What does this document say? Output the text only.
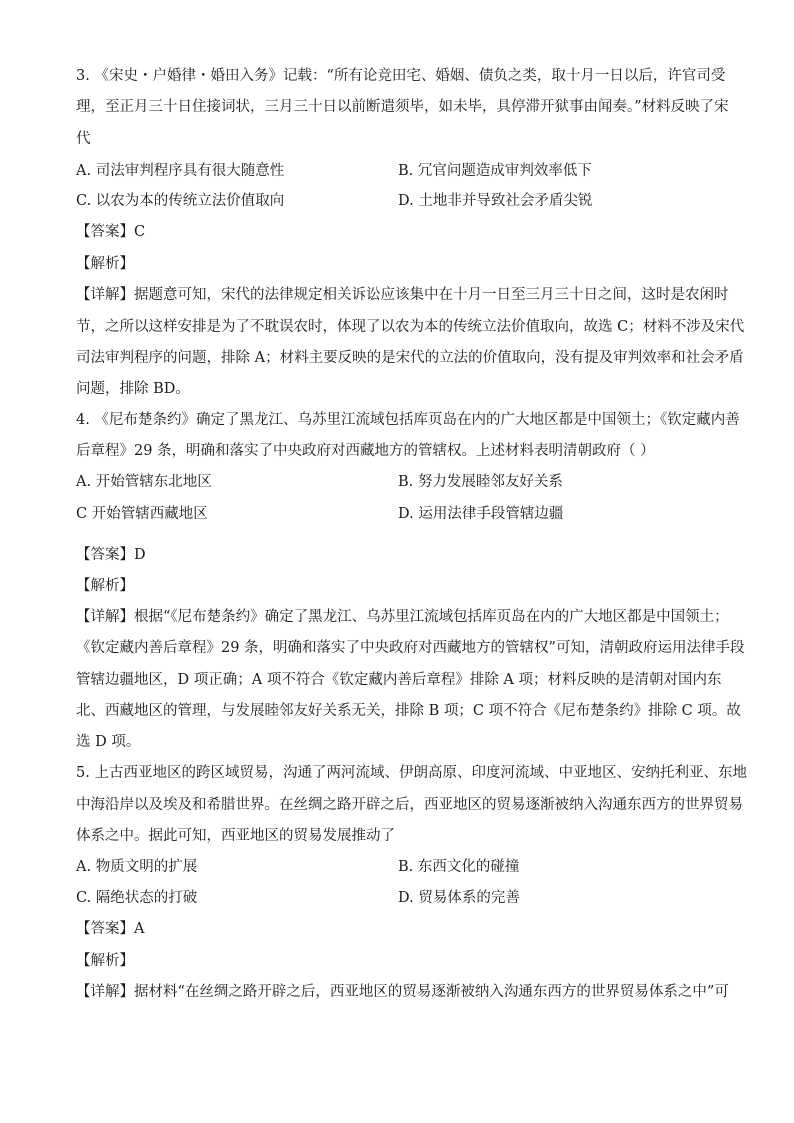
3. 《宋史・户婚律・婚田入务》记载：“所有论竞田宅、婚姻、债负之类，取十月一日以后，许官司受
理，至正月三十日住接词状，三月三十日以前断遣须毕，如未毕，具停滞开狱事由闻奏。”材料反映了宋
代
A. 司法审判程序具有很大随意性	B. 冗官问题造成审判效率低下
C. 以农为本的传统立法价值取向	D. 土地非并导致社会矛盾尖锐
【答案】C
【解析】
【详解】据题意可知，宋代的法律规定相关诉讼应该集中在十月一日至三月三十日之间，这时是农闲时
节，之所以这样安排是为了不耽误农时，体现了以农为本的传统立法价值取向，故选 C；材料不涉及宋代
司法审判程序的问题，排除 A；材料主要反映的是宋代的立法的价值取向，没有提及审判效率和社会矛盾
问题，排除 BD。
4. 《尼布楚条约》确定了黑龙江、乌苏里江流域包括库页岛在内的广大地区都是中国领土；《钦定藏内善
后章程》29 条，明确和落实了中央政府对西藏地方的管辖权。上述材料表明清朝政府（ ）
A. 开始管辖东北地区	B. 努力发展睦邻友好关系
C 开始管辖西藏地区	D. 运用法律手段管辖边疆
【答案】D
【解析】
【详解】根据“《尼布楚条约》确定了黑龙江、乌苏里江流域包括库页岛在内的广大地区都是中国领土；
《钦定藏内善后章程》29 条，明确和落实了中央政府对西藏地方的管辖权”可知，清朝政府运用法律手段
管辖边疆地区，D 项正确；A 项不符合《钦定藏内善后章程》排除 A 项；材料反映的是清朝对国内东
北、西藏地区的管理，与发展睦邻友好关系无关，排除 B 项；C 项不符合《尼布楚条约》排除 C 项。故
选 D 项。
5. 上古西亚地区的跨区域贸易，沟通了两河流域、伊朗高原、印度河流域、中亚地区、安纳托利亚、东地
中海沿岸以及埃及和希腊世界。在丝绸之路开辟之后，西亚地区的贸易逐渐被纳入沟通东西方的世界贸易
体系之中。据此可知，西亚地区的贸易发展推动了
A. 物质文明的扩展	B. 东西文化的碰撞
C. 隔绝状态的打破	D. 贸易体系的完善
【答案】A
【解析】
【详解】据材料“在丝绸之路开辟之后，西亚地区的贸易逐渐被纳入沟通东西方的世界贸易体系之中”可
